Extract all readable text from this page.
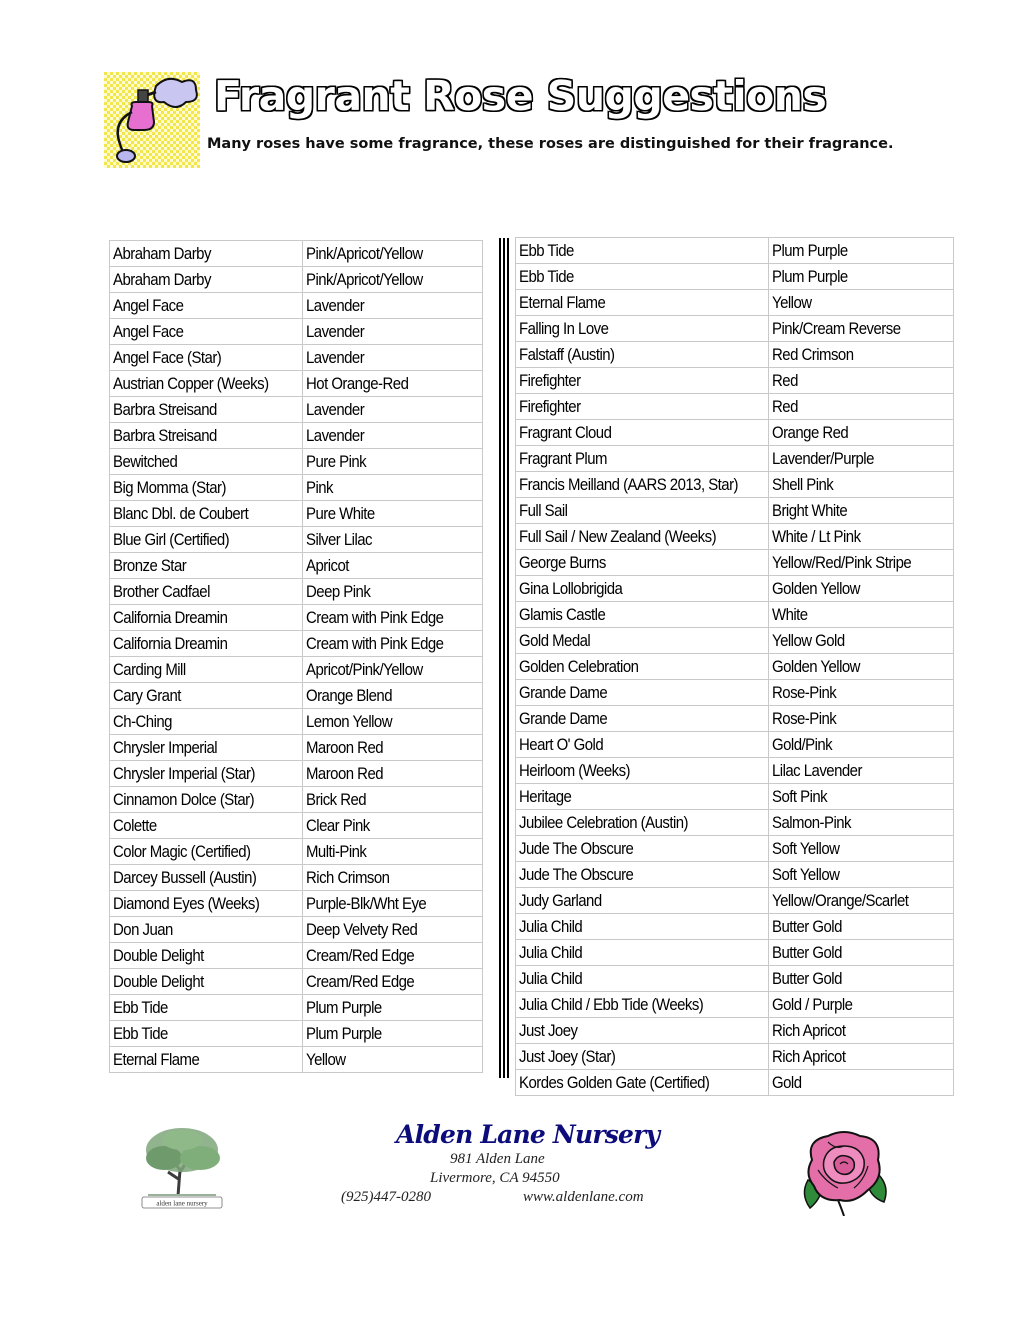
Fragrant Rose Suggestions

Many roses have some fragrance, these roses are distinguished for their fragrance.

Abraham Darby	Pink/Apricot/Yellow
Abraham Darby	Pink/Apricot/Yellow
Angel Face	Lavender
Angel Face	Lavender
Angel Face (Star)	Lavender
Austrian Copper (Weeks)	Hot Orange-Red
Barbra Streisand	Lavender
Barbra Streisand	Lavender
Bewitched	Pure Pink
Big Momma (Star)	Pink
Blanc Dbl. de Coubert	Pure White
Blue Girl (Certified)	Silver Lilac
Bronze Star	Apricot
Brother Cadfael	Deep Pink
California Dreamin	Cream with Pink Edge
California Dreamin	Cream with Pink Edge
Carding Mill	Apricot/Pink/Yellow
Cary Grant	Orange Blend
Ch-Ching	Lemon Yellow
Chrysler Imperial	Maroon Red
Chrysler Imperial (Star)	Maroon Red
Cinnamon Dolce (Star)	Brick Red
Colette	Clear Pink
Color Magic (Certified)	Multi-Pink
Darcey Bussell (Austin)	Rich Crimson
Diamond Eyes (Weeks)	Purple-Blk/Wht Eye
Don Juan	Deep Velvety Red
Double Delight	Cream/Red Edge
Double Delight	Cream/Red Edge
Ebb Tide	Plum Purple
Ebb Tide	Plum Purple
Eternal Flame	Yellow
Ebb Tide	Plum Purple
Ebb Tide	Plum Purple
Eternal Flame	Yellow
Falling In Love	Pink/Cream Reverse
Falstaff (Austin)	Red Crimson
Firefighter	Red
Firefighter	Red
Fragrant Cloud	Orange Red
Fragrant Plum	Lavender/Purple
Francis Meilland (AARS 2013, Star)	Shell Pink
Full Sail	Bright White
Full Sail / New Zealand (Weeks)	White / Lt Pink
George Burns	Yellow/Red/Pink Stripe
Gina Lollobrigida	Golden Yellow
Glamis Castle	White
Gold Medal	Yellow Gold
Golden Celebration	Golden Yellow
Grande Dame	Rose-Pink
Grande Dame	Rose-Pink
Heart O' Gold	Gold/Pink
Heirloom (Weeks)	Lilac Lavender
Heritage	Soft Pink
Jubilee Celebration (Austin)	Salmon-Pink
Jude The Obscure	Soft Yellow
Jude The Obscure	Soft Yellow
Judy Garland	Yellow/Orange/Scarlet
Julia Child	Butter Gold
Julia Child	Butter Gold
Julia Child	Butter Gold
Julia Child / Ebb Tide (Weeks)	Gold / Purple
Just Joey	Rich Apricot
Just Joey (Star)	Rich Apricot
Kordes Golden Gate (Certified)	Gold
alden lane nursery
Alden Lane Nursery
981 Alden Lane
Livermore, CA 94550
(925)447-0280	www.aldenlane.com
